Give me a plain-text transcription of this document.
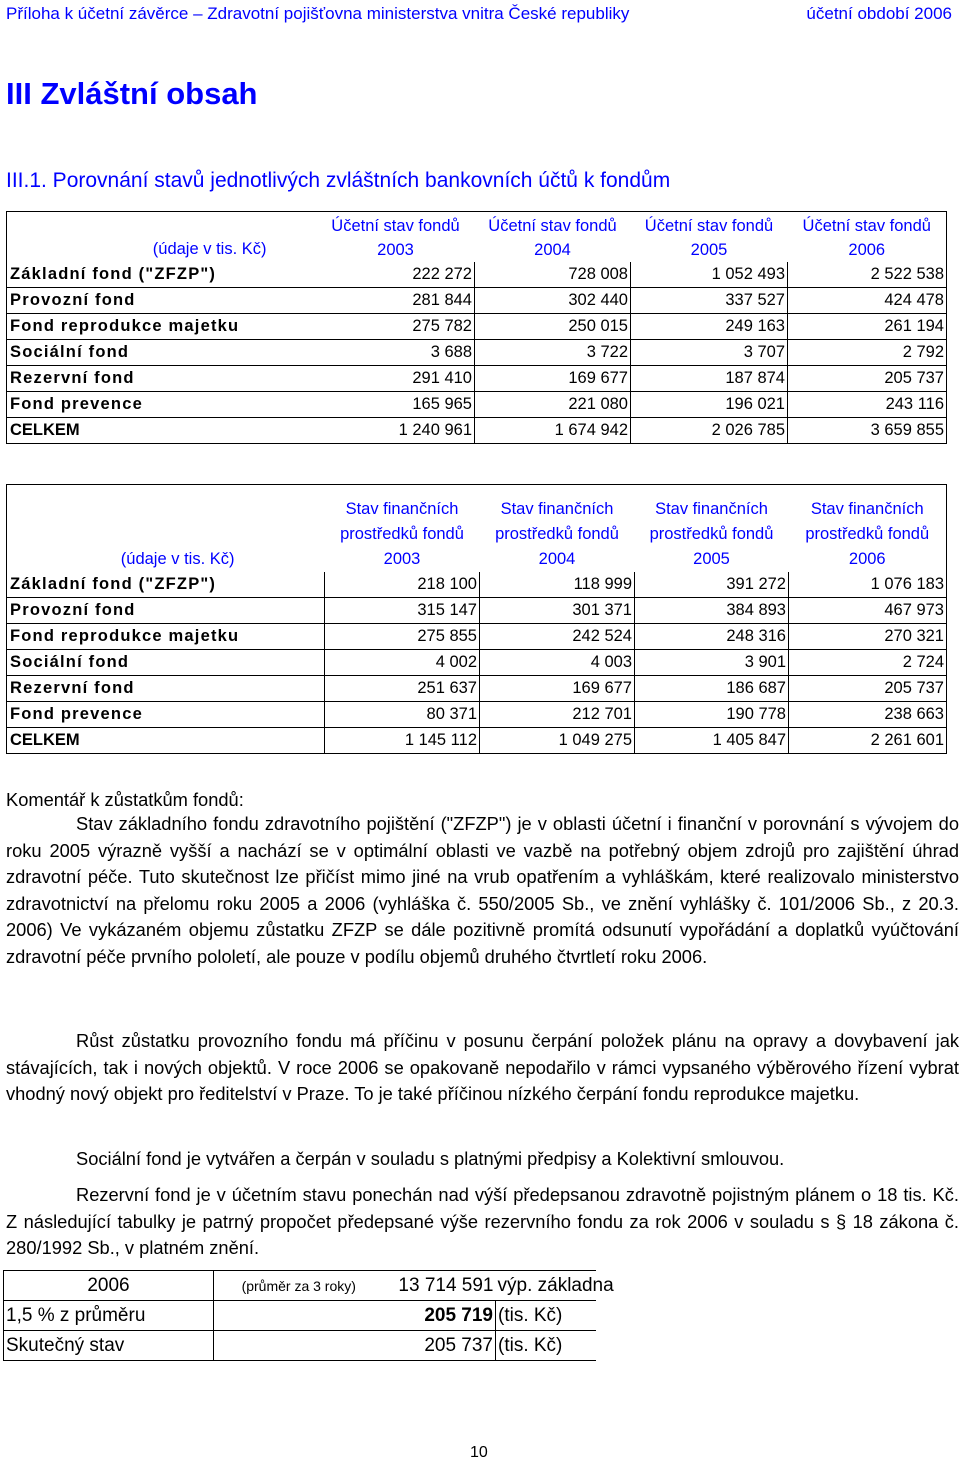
Příloha k účetní závěrce – Zdravotní pojišťovna ministerstva vnitra České republiky	účetní období 2006
III Zvláštní obsah
III.1. Porovnání stavů jednotlivých zvláštních bankovních účtů k fondům
(údaje v tis. Kč)	Účetní stav fondů 2003	Účetní stav fondů 2004	Účetní stav fondů 2005	Účetní stav fondů 2006
Základní fond ("ZFZP")	222 272	728 008	1 052 493	2 522 538
Provozní fond	281 844	302 440	337 527	424 478
Fond reprodukce majetku	275 782	250 015	249 163	261 194
Sociální fond	3 688	3 722	3 707	2 792
Rezervní fond	291 410	169 677	187 874	205 737
Fond prevence	165 965	221 080	196 021	243 116
CELKEM	1 240 961	1 674 942	2 026 785	3 659 855
(údaje v tis. Kč)	Stav finančních prostředků fondů 2003	Stav finančních prostředků fondů 2004	Stav finančních prostředků fondů 2005	Stav finančních prostředků fondů 2006
Základní fond ("ZFZP")	218 100	118 999	391 272	1 076 183
Provozní fond	315 147	301 371	384 893	467 973
Fond reprodukce majetku	275 855	242 524	248 316	270 321
Sociální fond	4 002	4 003	3 901	2 724
Rezervní fond	251 637	169 677	186 687	205 737
Fond prevence	80 371	212 701	190 778	238 663
CELKEM	1 145 112	1 049 275	1 405 847	2 261 601
Komentář k zůstatkům fondů:
Stav základního fondu zdravotního pojištění ("ZFZP") je v oblasti účetní i finanční v porovnání s vývojem do roku 2005 výrazně vyšší a nachází se v optimální oblasti ve vazbě na potřebný objem zdrojů pro zajištění úhrad zdravotní péče. Tuto skutečnost lze přičíst mimo jiné na vrub opatřením a vyhláškám, které realizovalo ministerstvo zdravotnictví na přelomu roku 2005 a 2006 (vyhláška č. 550/2005 Sb., ve znění vyhlášky č. 101/2006 Sb., z 20.3. 2006) Ve vykázaném objemu zůstatku ZFZP se dále pozitivně promítá odsunutí vypořádání a doplatků vyúčtování zdravotní péče prvního pololetí, ale pouze v podílu objemů druhého čtvrtletí roku 2006.
Růst zůstatku provozního fondu má příčinu v posunu čerpání položek plánu na opravy a dovybavení jak stávajících, tak i nových objektů. V roce 2006 se opakovaně nepodařilo v rámci vypsaného výběrového řízení vybrat vhodný nový objekt pro ředitelství v Praze. To je také příčinou nízkého čerpání fondu reprodukce majetku.
Sociální fond je vytvářen a čerpán v souladu s platnými předpisy a Kolektivní smlouvou.
Rezervní fond je v účetním stavu ponechán nad výší předepsanou zdravotně pojistným plánem o 18 tis. Kč. Z následující tabulky je patrný propočet předepsané výše rezervního fondu za rok 2006 v souladu s § 18 zákona č. 280/1992 Sb., v platném znění.
2006	(průměr za 3 roky)	13 714 591	výp. základna
1,5 % z průměru		205 719	(tis. Kč)
Skutečný stav		205 737	(tis. Kč)
10
